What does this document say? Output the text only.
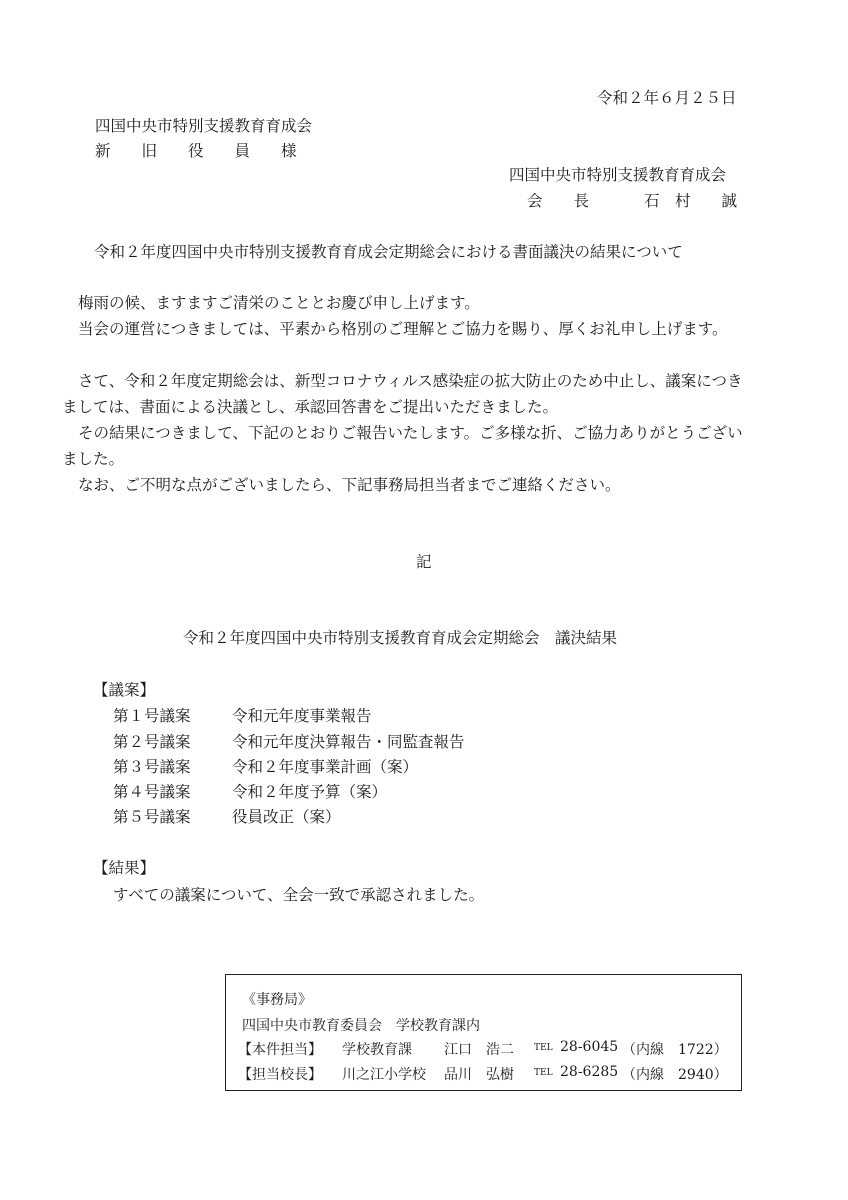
令和２年６月２５日
四国中央市特別支援教育育成会
新　　旧　　役　　員　　様
四国中央市特別支援教育育成会
会　　長	石　村　　誠
令和２年度四国中央市特別支援教育育成会定期総会における書面議決の結果について

梅雨の候、ますますご清栄のこととお慶び申し上げます。

当会の運営につきましては、平素から格別のご理解とご協力を賜り、厚くお礼申し上げます。

さて、令和２年度定期総会は、新型コロナウィルス感染症の拡大防止のため中止し、議案につきましては、書面による決議とし、承認回答書をご提出いただきました。

その結果につきまして、下記のとおりご報告いたします。ご多様な折、ご協力ありがとうございました。

なお、ご不明な点がございましたら、下記事務局担当者までご連絡ください。

記
令和２年度四国中央市特別支援教育育成会定期総会　議決結果
【議案】
第１号議案	令和元年度事業報告
第２号議案	令和元年度決算報告・同監査報告
第３号議案	令和２年度事業計画（案）
第４号議案	令和２年度予算（案）
第５号議案	役員改正（案）
【結果】
すべての議案について、全会一致で承認されました。
《事務局》
四国中央市教育委員会　学校教育課内
【本件担当】 学校教育課 江口　浩二 TEL 28-6045 （内線　1722）
【担当校長】 川之江小学校 品川　弘樹 TEL 28-6285 （内線　2940）
